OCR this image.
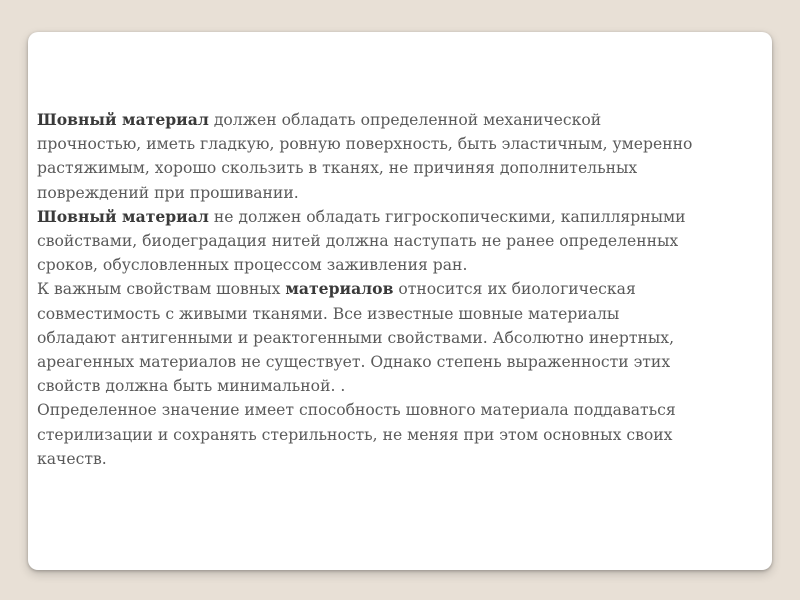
Шовный материал должен обладать определенной механической
прочностью, иметь гладкую, ровную поверхность, быть эластичным, умеренно
растяжимым, хорошо скользить в тканях, не причиняя дополнительных
повреждений при прошивании.

Шовный материал не должен обладать гигроскопическими, капиллярными
свойствами, биодеградация нитей должна наступать не ранее определенных
сроков, обусловленных процессом заживления ран.

К важным свойствам шовных материалов относится их биологическая
совместимость с живыми тканями. Все известные шовные материалы
обладают антигенными и реактогенными свойствами. Абсолютно инертных,
ареагенных материалов не существует. Однако степень выраженности этих
свойств должна быть минимальной. .

Определенное значение имеет способность шовного материала поддаваться
стерилизации и сохранять стерильность, не меняя при этом основных своих
качеств.
